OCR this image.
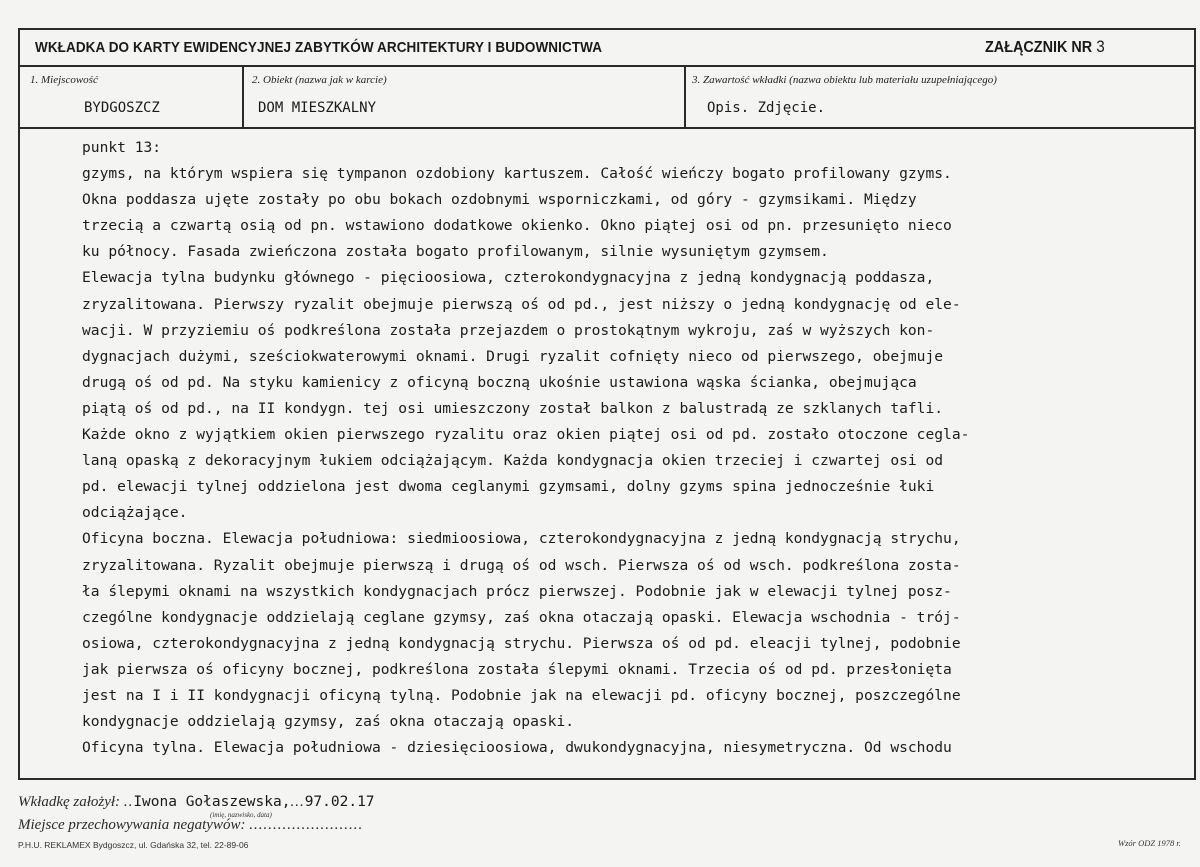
WKŁADKA DO KARTY EWIDENCYJNEJ ZABYTKÓW ARCHITEKTURY I BUDOWNICTWA	ZAŁĄCZNIK NR 3
1. Miejscowość
BYDGOSZCZ
2. Obiekt (nazwa jak w karcie)
DOM MIESZKALNY
3. Zawartość wkładki (nazwa obiektu lub materiału uzupełniającego)
Opis. Zdjęcie.
punkt 13:
gzyms, na którym wspiera się tympanon ozdobiony kartuszem. Całość wieńczy bogato profilowany gzyms.
Okna poddasza ujęte zostały po obu bokach ozdobnymi wsporniczkami, od góry - gzymsikami. Między
trzecią a czwartą osią od pn. wstawiono dodatkowe okienko. Okno piątej osi od pn. przesunięto nieco
ku północy. Fasada zwieńczona została bogato profilowanym, silnie wysuniętym gzymsem.
Elewacja tylna budynku głównego - pięcioosiowa, czterokondygnacyjna z jedną kondygnacją poddasza,
zryzalitowana. Pierwszy ryzalit obejmuje pierwszą oś od pd., jest niższy o jedną kondygnację od ele-
wacji. W przyziemiu oś podkreślona została przejazdem o prostokątnym wykroju, zaś w wyższych kon-
dygnacjach dużymi, sześciokwaterowymi oknami. Drugi ryzalit cofnięty nieco od pierwszego, obejmuje
drugą oś od pd. Na styku kamienicy z oficyną boczną ukośnie ustawiona wąska ścianka, obejmująca
piątą oś od pd., na II kondygn. tej osi umieszczony został balkon z balustradą ze szklanych tafli.
Każde okno z wyjątkiem okien pierwszego ryzalitu oraz okien piątej osi od pd. zostało otoczone cegla-
laną opaską z dekoracyjnym łukiem odciążającym. Każda kondygnacja okien trzeciej i czwartej osi od
pd. elewacji tylnej oddzielona jest dwoma ceglanymi gzymsami, dolny gzyms spina jednocześnie łuki
odciążające.
Oficyna boczna. Elewacja południowa: siedmioosiowa, czterokondygnacyjna z jedną kondygnacją strychu,
zryzalitowana. Ryzalit obejmuje pierwszą i drugą oś od wsch. Pierwsza oś od wsch. podkreślona zosta-
ła ślepymi oknami na wszystkich kondygnacjach prócz pierwszej. Podobnie jak w elewacji tylnej posz-
czególne kondygnacje oddzielają ceglane gzymsy, zaś okna otaczają opaski. Elewacja wschodnia - trój-
osiowa, czterokondygnacyjna z jedną kondygnacją strychu. Pierwsza oś od pd. eleacji tylnej, podobnie
jak pierwsza oś oficyny bocznej, podkreślona została ślepymi oknami. Trzecia oś od pd. przesłonięta
jest na I i II kondygnacji oficyną tylną. Podobnie jak na elewacji pd. oficyny bocznej, poszczególne
kondygnacje oddzielają gzymsy, zaś okna otaczają opaski.
Oficyna tylna. Elewacja południowa - dziesięcioosiowa, dwukondygnacyjna, niesymetryczna. Od wschodu
Wkładkę założył: ..Iwona Gołaszewska,...97.02.17
(imię, nazwisko, data)
Miejsce przechowywania negatywów: ........................
P.H.U. REKLAMEX Bydgoszcz, ul. Gdańska 32, tel. 22-89-06	Wzór ODZ 1978 r.
